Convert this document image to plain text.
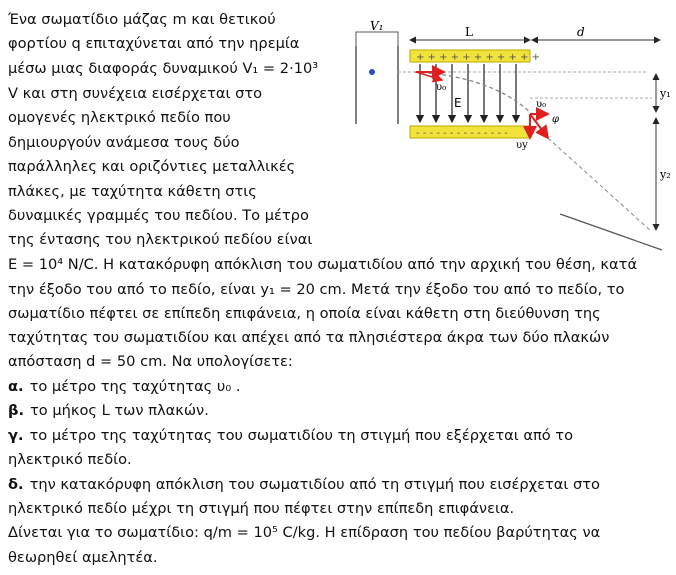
Ένα σωματίδιο μάζας m και θετικού
φορτίου q επιταχύνεται από την ηρεμία
μέσω μιας διαφοράς δυναμικού V₁ = 2·10³
V και στη συνέχεια εισέρχεται στο
ομογενές ηλεκτρικό πεδίο που
δημιουργούν ανάμεσα τους δύο
παράλληλες και οριζόντιες μεταλλικές
πλάκες, με ταχύτητα κάθετη στις
δυναμικές γραμμές του πεδίου. Το μέτρο
της έντασης του ηλεκτρικού πεδίου είναι
Ε = 10⁴ N/C. Η κατακόρυφη απόκλιση του σωματιδίου από την αρχική του θέση, κατά
την έξοδο του από το πεδίο, είναι y₁ = 20 cm. Μετά την έξοδο του από το πεδίο, το
σωματίδιο πέφτει σε επίπεδη επιφάνεια, η οποία είναι κάθετη στη διεύθυνση της
ταχύτητας του σωματιδίου και απέχει από τα πλησιέστερα άκρα των δύο πλακών
απόσταση d = 50 cm. Να υπολογίσετε:
α. το μέτρο της ταχύτητας υ₀ .
β. το μήκος L των πλακών.
γ. το μέτρο της ταχύτητας του σωματιδίου τη στιγμή που εξέρχεται από το
ηλεκτρικό πεδίο.
δ. την κατακόρυφη απόκλιση του σωματιδίου από τη στιγμή που εισέρχεται στο
ηλεκτρικό πεδίο μέχρι τη στιγμή που πέφτει στην επίπεδη επιφάνεια.
Δίνεται για το σωματίδιο: q/m = 10⁵ C/kg. Η επίδραση του πεδίου βαρύτητας να
θεωρηθεί αμελητέα.
V₁	L	d
+ + + + + + + + + + +
- - - - - - - - - - - - - -
E
υ₀
υ₀
υy
φ
y₁
y₂
